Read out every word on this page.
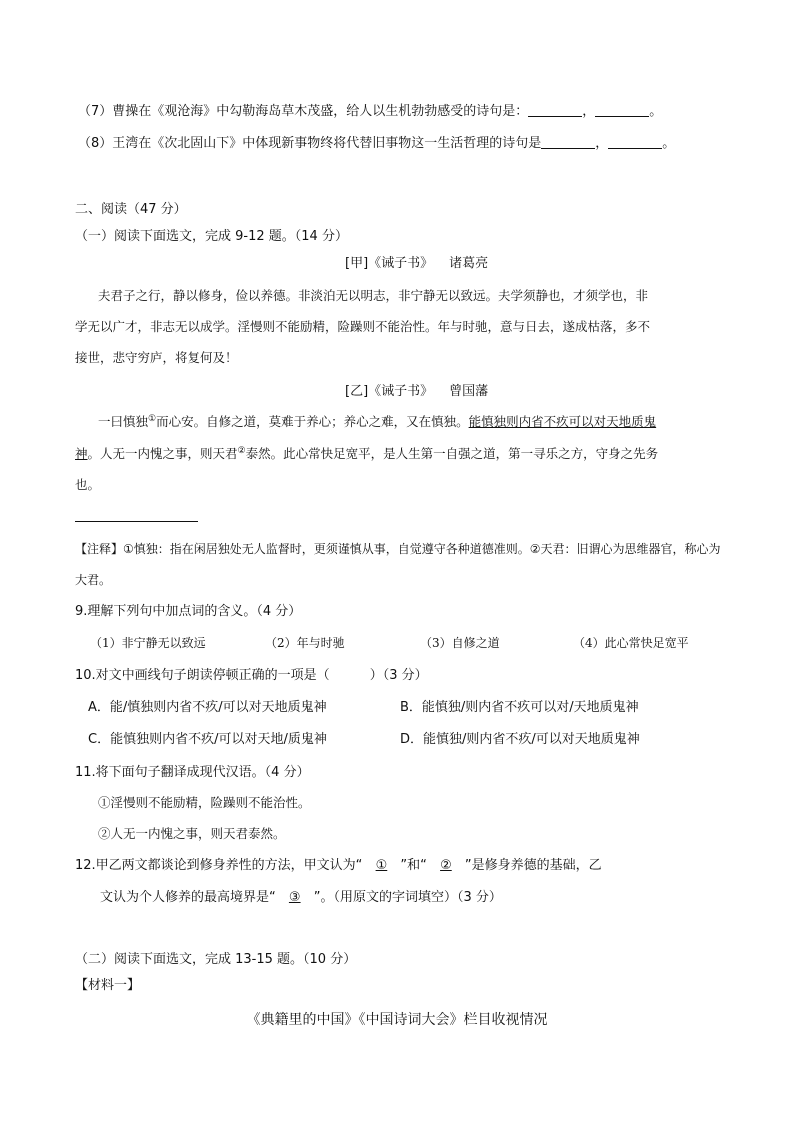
（7）曹操在《观沧海》中勾勒海岛草木茂盛，给人以生机勃勃感受的诗句是：	，	。
（8）王湾在《次北固山下》中体现新事物终将代替旧事物这一生活哲理的诗句是	，	。
二、阅读（47 分）
（一）阅读下面选文，完成 9-12 题。（14 分）
[甲]《诫子书》 诸葛亮
夫君子之行，静以修身，俭以养德。非淡泊无以明志，非宁静无以致远。夫学须静也，才须学也，非
学无以广才，非志无以成学。淫慢则不能励精，险躁则不能治性。年与时驰，意与日去，遂成枯落，多不
接世，悲守穷庐，将复何及！
[乙]《诫子书》 曾国藩
一曰慎独①而心安。自修之道，莫难于养心；养心之难，又在慎独。能慎独则内省不疚可以对天地质鬼
神。人无一内愧之事，则天君②泰然。此心常快足宽平，是人生第一自强之道，第一寻乐之方，守身之先务
也。
【注释】①慎独：指在闲居独处无人监督时，更须谨慎从事，自觉遵守各种道德准则。②天君：旧谓心为思维器官，称心为
大君。
9.理解下列句中加点词的含义。（4 分）
（1）非宁静无以致远	（2）年与时驰	（3）自修之道	（4）此心常快足宽平
10.对文中画线句子朗读停顿正确的一项是（	）（3 分）
A．能/慎独则内省不疚/可以对天地质鬼神	B．能慎独/则内省不疚可以对/天地质鬼神
C．能慎独则内省不疚/可以对天地/质鬼神	D．能慎独/则内省不疚/可以对天地质鬼神
11.将下面句子翻译成现代汉语。（4 分）
①淫慢则不能励精，险躁则不能治性。
②人无一内愧之事，则天君泰然。
12.甲乙两文都谈论到修身养性的方法，甲文认为“ ① ”和“ ② ”是修身养德的基础，乙
文认为个人修养的最高境界是“ ③ ”。（用原文的字词填空）（3 分）
（二）阅读下面选文，完成 13-15 题。（10 分）
【材料一】
《典籍里的中国》《中国诗词大会》栏目收视情况
